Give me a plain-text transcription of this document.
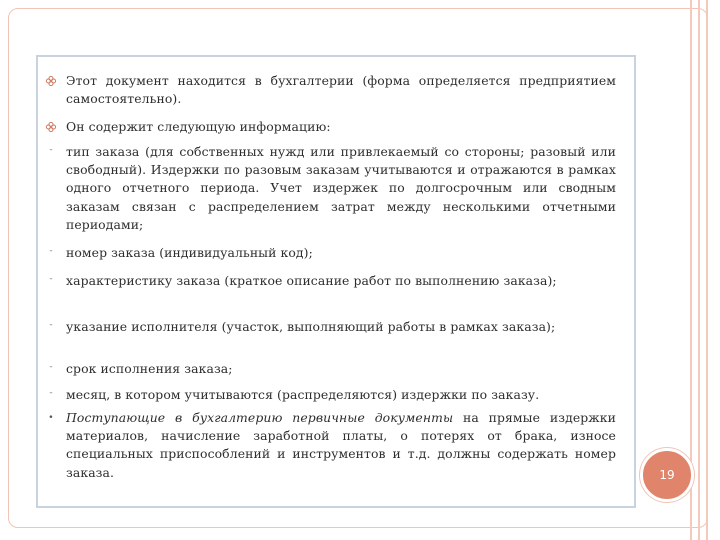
Этот документ находится в бухгалтерии (форма определяется предприятием самостоятельно).
Он содержит следующую информацию:
- тип заказа (для собственных нужд или привлекаемый со стороны; разовый или свободный). Издержки по разовым заказам учитываются и отражаются в рамках одного отчетного периода. Учет издержек по долгосрочным или сводным заказам связан с распределением затрат между несколькими отчетными периодами;
- номер заказа (индивидуальный код);
- характеристику заказа (краткое описание работ по выполнению заказа);
- указание исполнителя (участок, выполняющий работы в рамках заказа);
- срок исполнения заказа;
- месяц, в котором учитываются (распределяются) издержки по заказу.
• Поступающие в бухгалтерию первичные документы на прямые издержки материалов, начисление заработной платы, о потерях от брака, износе специальных приспособлений и инструментов и т.д. должны содержать номер заказа.	19
